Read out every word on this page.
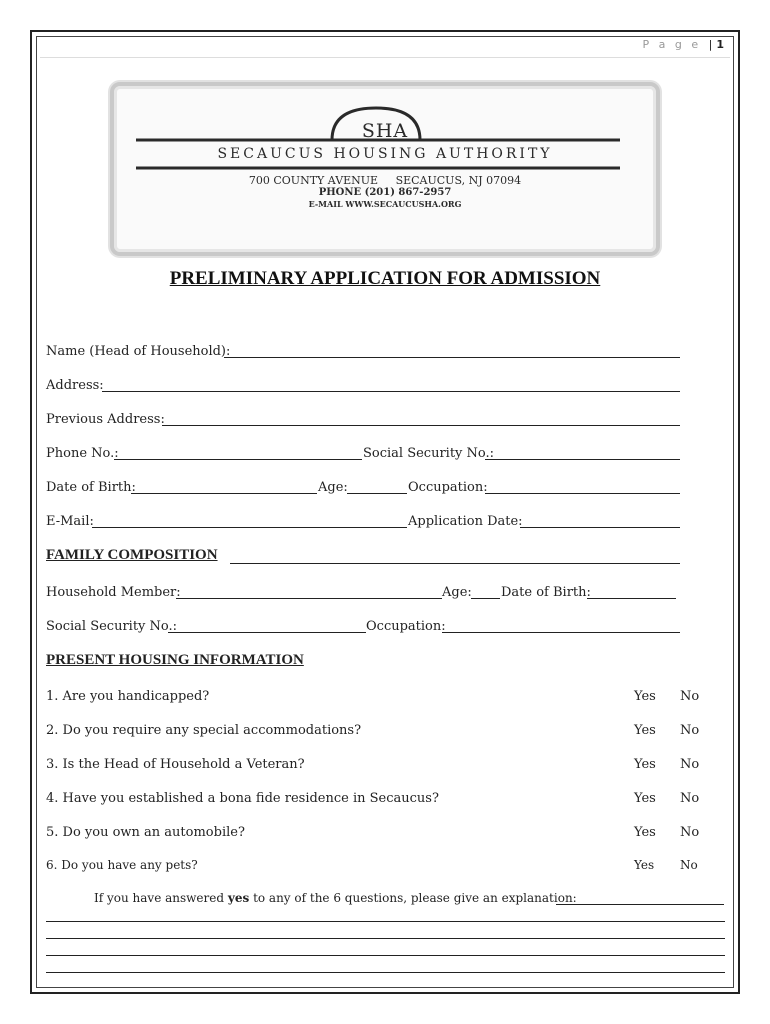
P a g e | 1
SHA
SECAUCUS HOUSING AUTHORITY
700 COUNTY AVENUE     SECAUCUS, NJ 07094
PHONE (201) 867-2957
E-MAIL WWW.SECAUCUSHA.ORG
PRELIMINARY APPLICATION FOR ADMISSION
Name (Head of Household):
Address:
Previous Address:
Phone No.:	Social Security No.:
Date of Birth:	Age:	Occupation:
E-Mail:	Application Date:
FAMILY COMPOSITION
Household Member:	Age: Date of Birth:
Social Security No.:	Occupation:
PRESENT HOUSING INFORMATION
1. Are you handicapped?	Yes No
2. Do you require any special accommodations?	Yes No
3. Is the Head of Household a Veteran?	Yes No
4. Have you established a bona fide residence in Secaucus?	Yes No
5. Do you own an automobile?	Yes No
6. Do you have any pets?	Yes No
If you have answered yes to any of the 6 questions, please give an explanation:
